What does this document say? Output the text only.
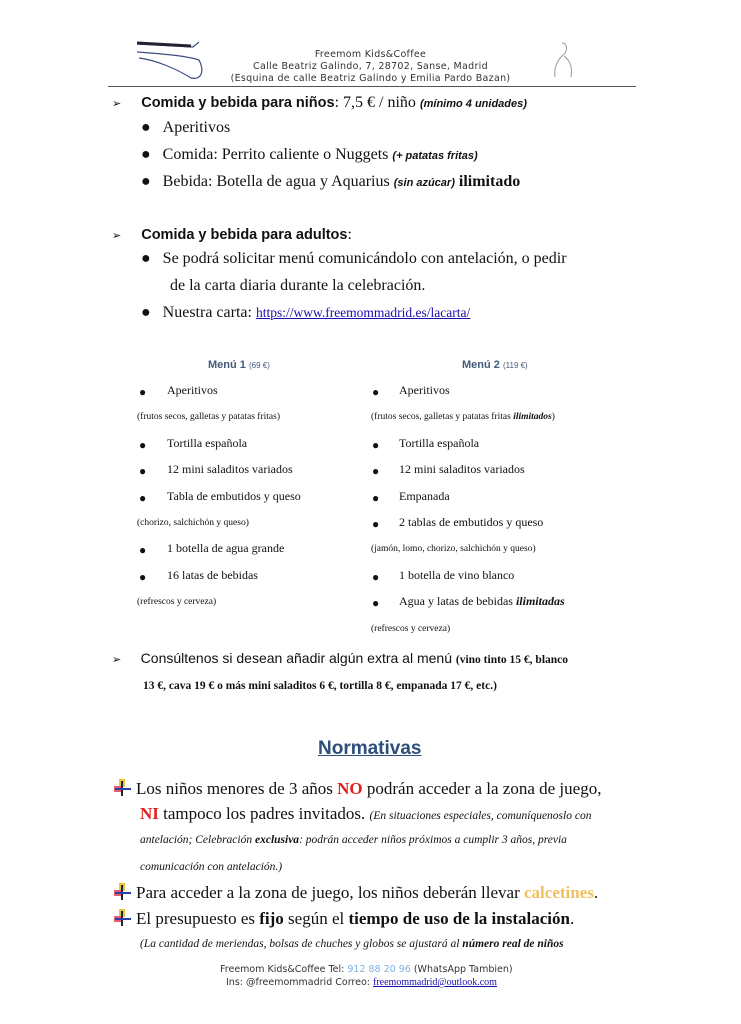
Freemom Kids&Coffee
Calle Beatriz Galindo, 7, 28702, Sanse, Madrid
(Esquina de calle Beatriz Galindo y Emilia Pardo Bazan)
➢ Comida y bebida para niños: 7,5 € / niño (mínimo 4 unidades)
● Aperitivos
● Comida: Perrito caliente o Nuggets (+ patatas fritas)
● Bebida: Botella de agua y Aquarius (sin azúcar) ilimitado
➢ Comida y bebida para adultos:
● Se podrá solicitar menú comunicándolo con antelación, o pedir
de la carta diaria durante la celebración.
● Nuestra carta: https://www.freemommadrid.es/lacarta/
Menú 1 (69 €)	Menú 2 (119 €)
● Aperitivos
(frutos secos, galletas y patatas fritas)
● Tortilla española
● 12 mini saladitos variados
● Tabla de embutidos y queso
(chorizo, salchichón y queso)
● 1 botella de agua grande
● 16 latas de bebidas
(refrescos y cerveza)
● Aperitivos
(frutos secos, galletas y patatas fritas ilimitados)
● Tortilla española
● 12 mini saladitos variados
● Empanada
● 2 tablas de embutidos y queso
(jamón, lomo, chorizo, salchichón y queso)
● 1 botella de vino blanco
● Agua y latas de bebidas ilimitadas
(refrescos y cerveza)
➢ Consúltenos si desean añadir algún extra al menú (vino tinto 15 €, blanco
13 €, cava 19 € o más mini saladitos 6 €, tortilla 8 €, empanada 17 €, etc.)
Normativas
Los niños menores de 3 años NO podrán acceder a la zona de juego,
NI tampoco los padres invitados. (En situaciones especiales, comuníquenoslo con
antelación; Celebración exclusiva: podrán acceder niños próximos a cumplir 3 años, previa
comunicación con antelación.)
Para acceder a la zona de juego, los niños deberán llevar calcetines.
El presupuesto es fijo según el tiempo de uso de la instalación.
(La cantidad de meriendas, bolsas de chuches y globos se ajustará al número real de niños
Freemom Kids&Coffee Tel: 912 88 20 96 (WhatsApp Tambien)
Ins: @freemommadrid Correo: freemommadrid@outlook.com
